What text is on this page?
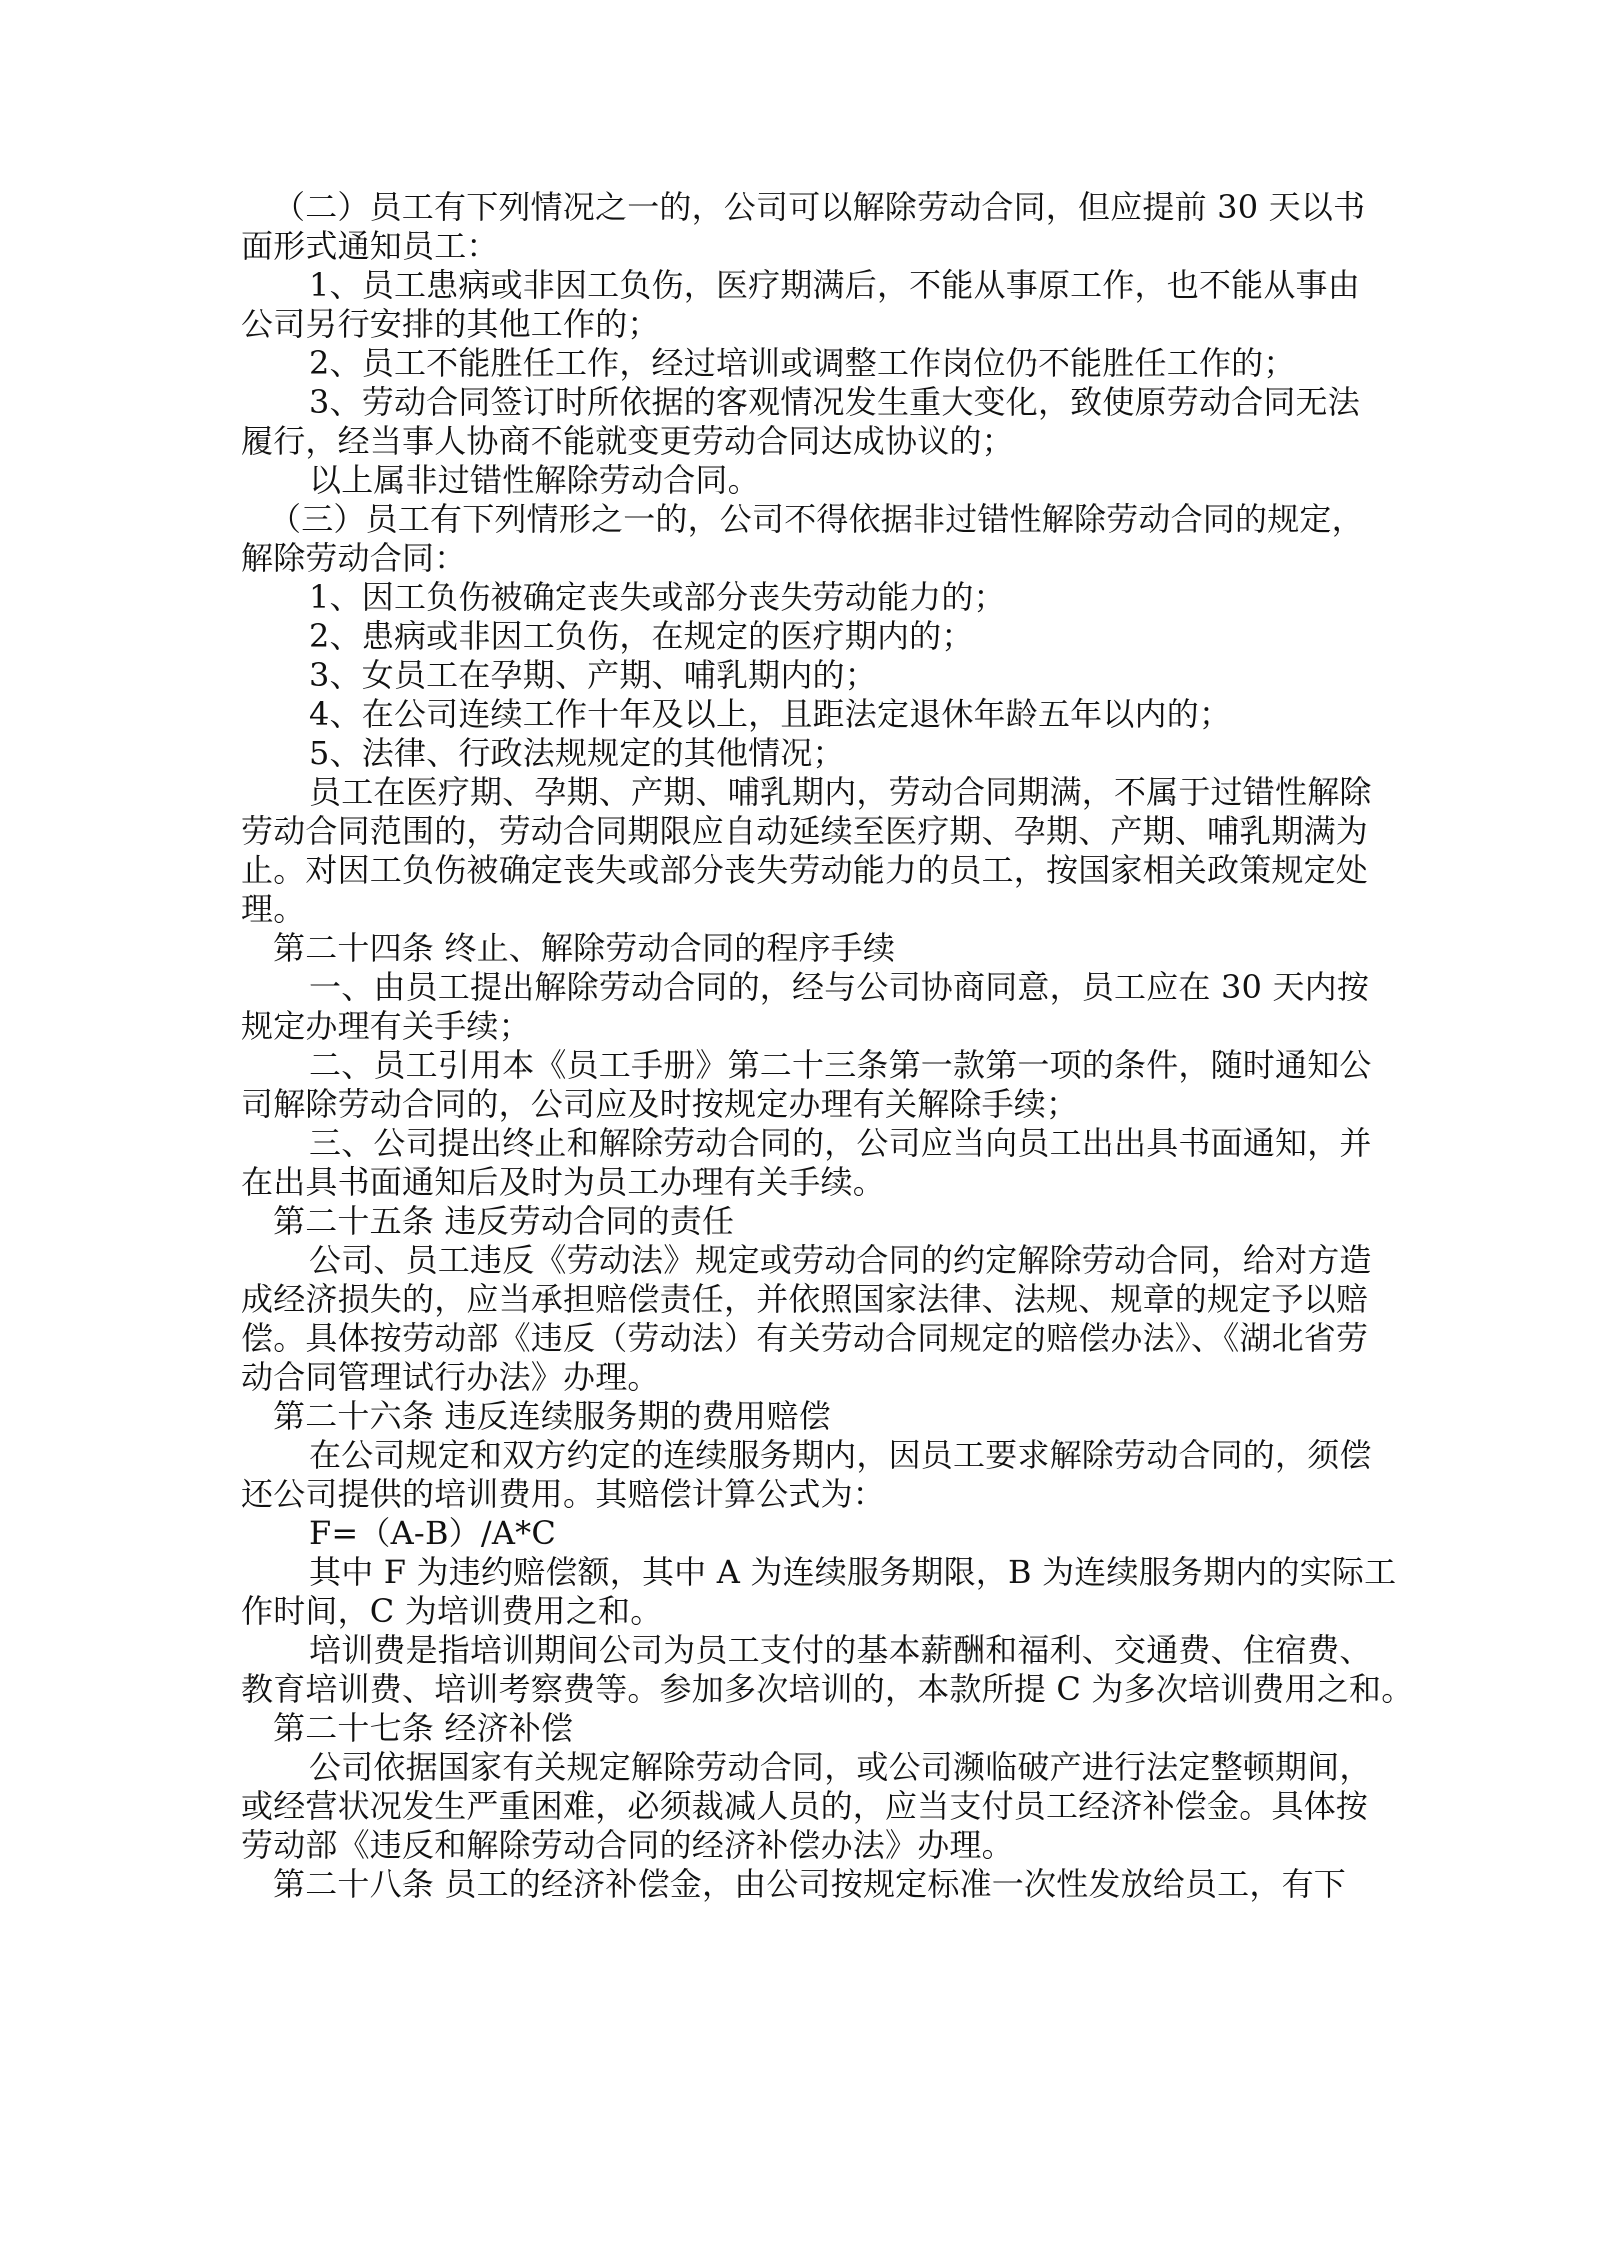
（二）员工有下列情况之一的，公司可以解除劳动合同，但应提前 30 天以书
面形式通知员工：
1、员工患病或非因工负伤，医疗期满后，不能从事原工作，也不能从事由
公司另行安排的其他工作的；
2、员工不能胜任工作，经过培训或调整工作岗位仍不能胜任工作的；
3、劳动合同签订时所依据的客观情况发生重大变化，致使原劳动合同无法
履行，经当事人协商不能就变更劳动合同达成协议的；
以上属非过错性解除劳动合同。
（三）员工有下列情形之一的，公司不得依据非过错性解除劳动合同的规定，
解除劳动合同：
1、因工负伤被确定丧失或部分丧失劳动能力的；
2、患病或非因工负伤，在规定的医疗期内的；
3、女员工在孕期、产期、哺乳期内的；
4、在公司连续工作十年及以上，且距法定退休年龄五年以内的；
5、法律、行政法规规定的其他情况；
员工在医疗期、孕期、产期、哺乳期内，劳动合同期满，不属于过错性解除
劳动合同范围的，劳动合同期限应自动延续至医疗期、孕期、产期、哺乳期满为
止。对因工负伤被确定丧失或部分丧失劳动能力的员工，按国家相关政策规定处
理。
第二十四条 终止、解除劳动合同的程序手续
一、由员工提出解除劳动合同的，经与公司协商同意，员工应在 30 天内按
规定办理有关手续；
二、员工引用本《员工手册》第二十三条第一款第一项的条件，随时通知公
司解除劳动合同的，公司应及时按规定办理有关解除手续；
三、公司提出终止和解除劳动合同的，公司应当向员工出出具书面通知，并
在出具书面通知后及时为员工办理有关手续。
第二十五条 违反劳动合同的责任
公司、员工违反《劳动法》规定或劳动合同的约定解除劳动合同，给对方造
成经济损失的，应当承担赔偿责任，并依照国家法律、法规、规章的规定予以赔
偿。具体按劳动部《违反（劳动法）有关劳动合同规定的赔偿办法》、《湖北省劳
动合同管理试行办法》办理。
第二十六条 违反连续服务期的费用赔偿
在公司规定和双方约定的连续服务期内，因员工要求解除劳动合同的，须偿
还公司提供的培训费用。其赔偿计算公式为：
F=（A-B）/A*C
其中 F 为违约赔偿额，其中 A 为连续服务期限，B 为连续服务期内的实际工
作时间，C 为培训费用之和。
培训费是指培训期间公司为员工支付的基本薪酬和福利、交通费、住宿费、
教育培训费、培训考察费等。参加多次培训的，本款所提 C 为多次培训费用之和。
第二十七条 经济补偿
公司依据国家有关规定解除劳动合同，或公司濒临破产进行法定整顿期间，
或经营状况发生严重困难，必须裁减人员的，应当支付员工经济补偿金。具体按
劳动部《违反和解除劳动合同的经济补偿办法》办理。
第二十八条 员工的经济补偿金，由公司按规定标准一次性发放给员工，有下
